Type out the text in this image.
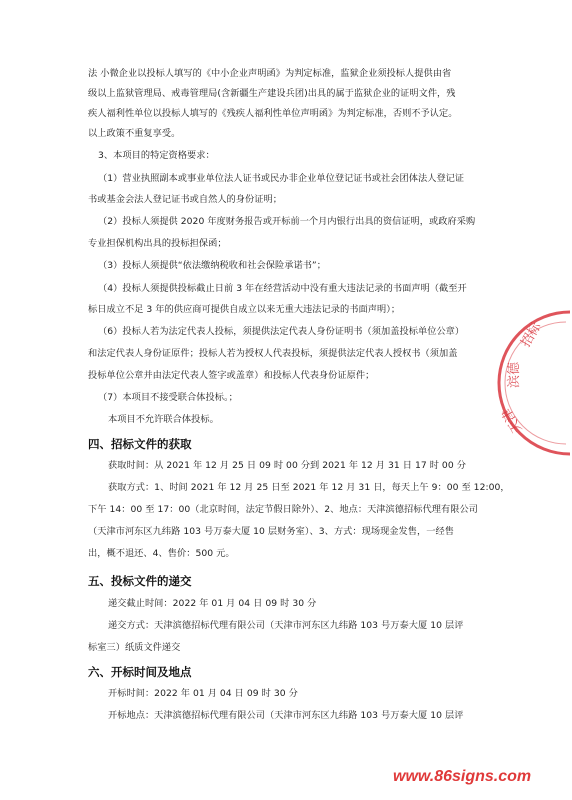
法 小微企业以投标人填写的《中小企业声明函》为判定标准，监狱企业须投标人提供由省
级以上监狱管理局、戒毒管理局(含新疆生产建设兵团)出具的属于监狱企业的证明文件，残
疾人福利性单位以投标人填写的《残疾人福利性单位声明函》为判定标准，否则不予认定。
以上政策不重复享受。
3、本项目的特定资格要求：
（1）营业执照副本或事业单位法人证书或民办非企业单位登记证书或社会团体法人登记证
书或基金会法人登记证书或自然人的身份证明；
（2）投标人须提供 2020 年度财务报告或开标前一个月内银行出具的资信证明，或政府采购
专业担保机构出具的投标担保函；
（3）投标人须提供“依法缴纳税收和社会保险承诺书”；
（4）投标人须提供投标截止日前 3 年在经营活动中没有重大违法记录的书面声明（截至开
标日成立不足 3 年的供应商可提供自成立以来无重大违法记录的书面声明）；
（6）投标人若为法定代表人投标，须提供法定代表人身份证明书（须加盖投标单位公章）
和法定代表人身份证原件；投标人若为授权人代表投标，须提供法定代表人授权书（须加盖
投标单位公章并由法定代表人签字或盖章）和投标人代表身份证原件；
（7）本项目不接受联合体投标。；
本项目不允许联合体投标。
四、招标文件的获取
获取时间：从 2021 年 12 月 25 日 09 时 00 分到 2021 年 12 月 31 日 17 时 00 分
获取方式：1、时间 2021 年 12 月 25 日至 2021 年 12 月 31 日，每天上午 9：00 至 12:00，
下午 14：00 至 17：00（北京时间，法定节假日除外）、2、地点：天津滨德招标代理有限公司
（天津市河东区九纬路 103 号万泰大厦 10 层财务室）、3、方式：现场现金发售，一经售
出，概不退还、4、售价：500 元。
五、投标文件的递交
递交截止时间：2022 年 01 月 04 日 09 时 30 分
递交方式：天津滨德招标代理有限公司（天津市河东区九纬路 103 号万泰大厦 10 层评
标室三）纸质文件递交
六、开标时间及地点
开标时间：2022 年 01 月 04 日 09 时 30 分
开标地点：天津滨德招标代理有限公司（天津市河东区九纬路 103 号万泰大厦 10 层评
招标
滨德
天津
www.86signs.com
